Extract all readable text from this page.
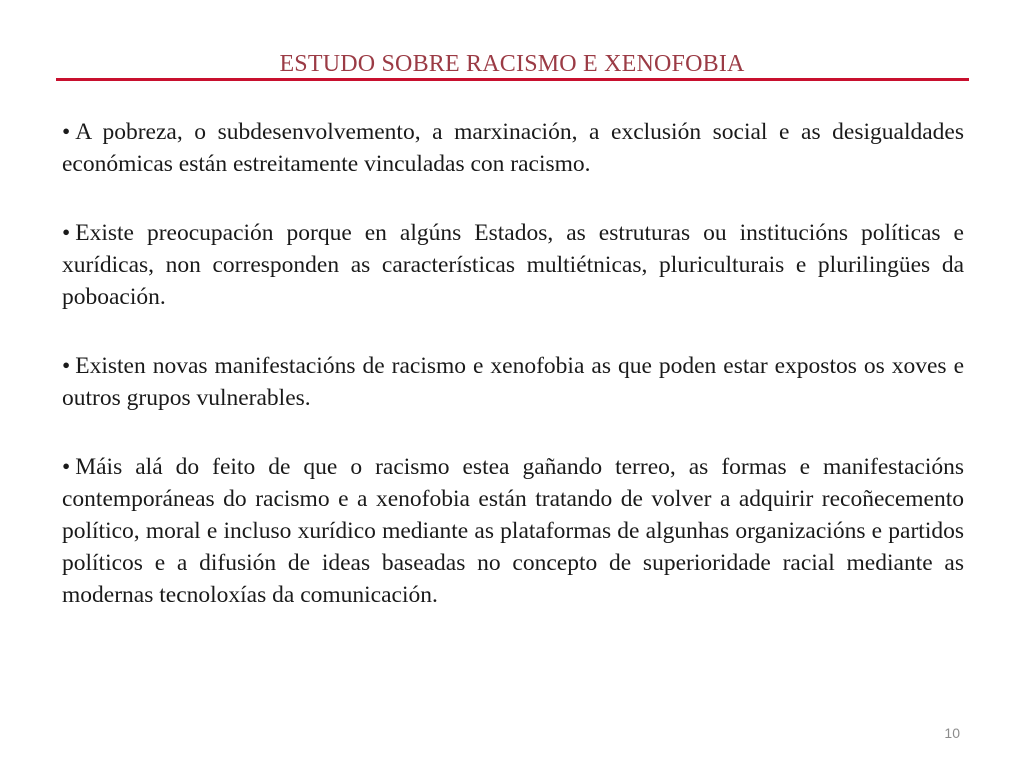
ESTUDO SOBRE RACISMO E XENOFOBIA

• A pobreza, o subdesenvolvemento, a marxinación, a exclusión social e as desigualdades económicas están estreitamente vinculadas con racismo.

• Existe preocupación porque en algúns Estados, as estruturas ou institucións políticas e xurídicas, non corresponden as características multiétnicas, pluriculturais e plurilingües da poboación.

• Existen novas manifestacións de racismo e xenofobia as que poden estar expostos os xoves e outros grupos vulnerables.

• Máis alá do feito de que o racismo estea gañando terreo, as formas e manifestacións contemporáneas do racismo e a xenofobia están tratando de volver a adquirir recoñecemento político, moral e incluso xurídico mediante as plataformas de algunhas organizacións e partidos políticos e a difusión de ideas baseadas no concepto de superioridade racial mediante as modernas tecnoloxías da comunicación.

10
